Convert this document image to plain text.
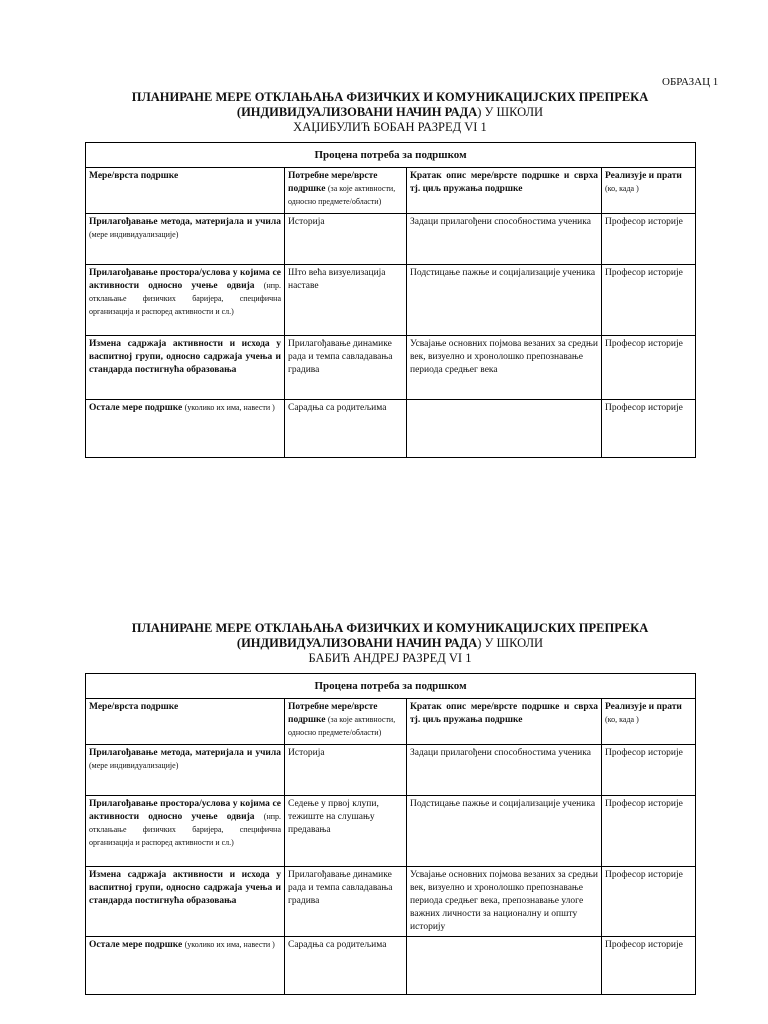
ОБРАЗАЦ 1
ПЛАНИРАНЕ МЕРЕ ОТКЛАЊАЊА ФИЗИЧКИХ И КОМУНИКАЦИЈСКИХ ПРЕПРЕКА
(ИНДИВИДУАЛИЗОВАНИ НАЧИН РАДА) У ШКОЛИ
ХАЏИБУЛИЋ БОБАН РАЗРЕД VI 1
Процена потреба за подршком			
Мере/врста подршке	Потребне мере/врсте подршке (за које активности, односно предмете/области)	Кратак опис мере/врсте подршке и сврха тј. циљ пружања подршке	Реализује и прати (ко, када )
Прилагођавање метода, материјала и учила (мере индивидуализације)	Историја	Задаци прилагођени способностима ученика	Професор историје
Прилагођавање простора/услова у којима се активности односно учење одвија (нпр. отклањање физичких баријера, специфична организација и распоред активности и сл.)	Што већа визуелизација наставе	Подстицање пажње и социјализације ученика	Професор историје
Измена садржаја активности и исхода у васпитној групи, односно садржаја учења и стандарда постигнућа образовања	Прилагођавање динамике рада и темпа савладавања градива	Усвајање основних појмова везаних за средњи век, визуелно и хронолошко препознавање периода средњег века	Професор историје
Остале мере подршке (уколико их има, навести )	Сарадња са родитељима		Професор историје
ПЛАНИРАНЕ МЕРЕ ОТКЛАЊАЊА ФИЗИЧКИХ И КОМУНИКАЦИЈСКИХ ПРЕПРЕКА
(ИНДИВИДУАЛИЗОВАНИ НАЧИН РАДА) У ШКОЛИ
БАБИЋ АНДРЕЈ РАЗРЕД VI 1
Процена потреба за подршком			
Мере/врста подршке	Потребне мере/врсте подршке (за које активности, односно предмете/области)	Кратак опис мере/врсте подршке и сврха тј. циљ пружања подршке	Реализује и прати (ко, када )
Прилагођавање метода, материјала и учила (мере индивидуализације)	Историја	Задаци прилагођени способностима ученика	Професор историје
Прилагођавање простора/услова у којима се активности односно учење одвија (нпр. отклањање физичких баријера, специфична организација и распоред активности и сл.)	Седење у првој клупи, тежиште на слушању предавања	Подстицање пажње и социјализације ученика	Професор историје
Измена садржаја активности и исхода у васпитној групи, односно садржаја учења и стандарда постигнућа образовања	Прилагођавање динамике рада и темпа савладавања градива	Усвајање основних појмова везаних за средњи век, визуелно и хронолошко препознавање периода средњег века, препознавање улоге важних личности за националну и општу историју	Професор историје
Остале мере подршке (уколико их има, навести )	Сарадња са родитељима		Професор историје
